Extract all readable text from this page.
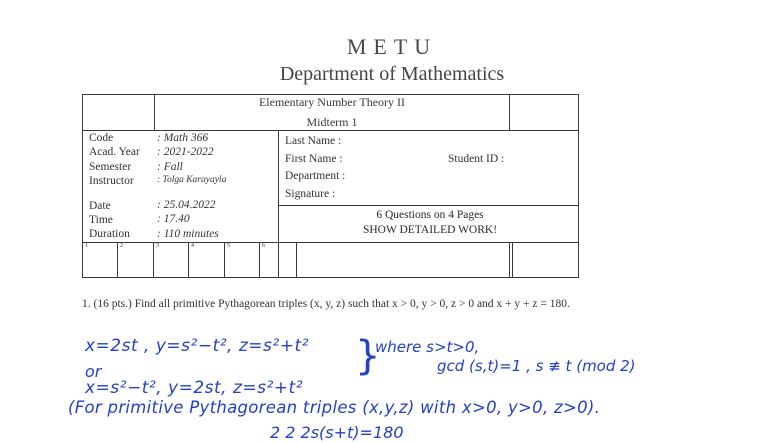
METU
Department of Mathematics
Elementary Number Theory II
Midterm 1
Code	: Math 366
Acad. Year : 2021-2022
Semester : Fall
Instructor : Tolga Karayayla
Date	: 25.04.2022
Time	: 17.40
Duration : 110 minutes
Last Name :
First Name :	Student ID :
Department :
Signature :
6 Questions on 4 Pages
SHOW DETAILED WORK!
1	2	3	4	5	6
1. (16 pts.) Find all primitive Pythagorean triples (x, y, z) such that x > 0, y > 0, z > 0 and x + y + z = 180.
x=2st , y=s²−t², z=s²+t²
or
x=s²−t², y=2st, z=s²+t²
}
where s>t>0,
gcd (s,t)=1 , s ≢ t (mod 2)
(For primitive Pythagorean triples (x,y,z) with x>0, y>0, z>0).
2 2 2s(s+t)=180
